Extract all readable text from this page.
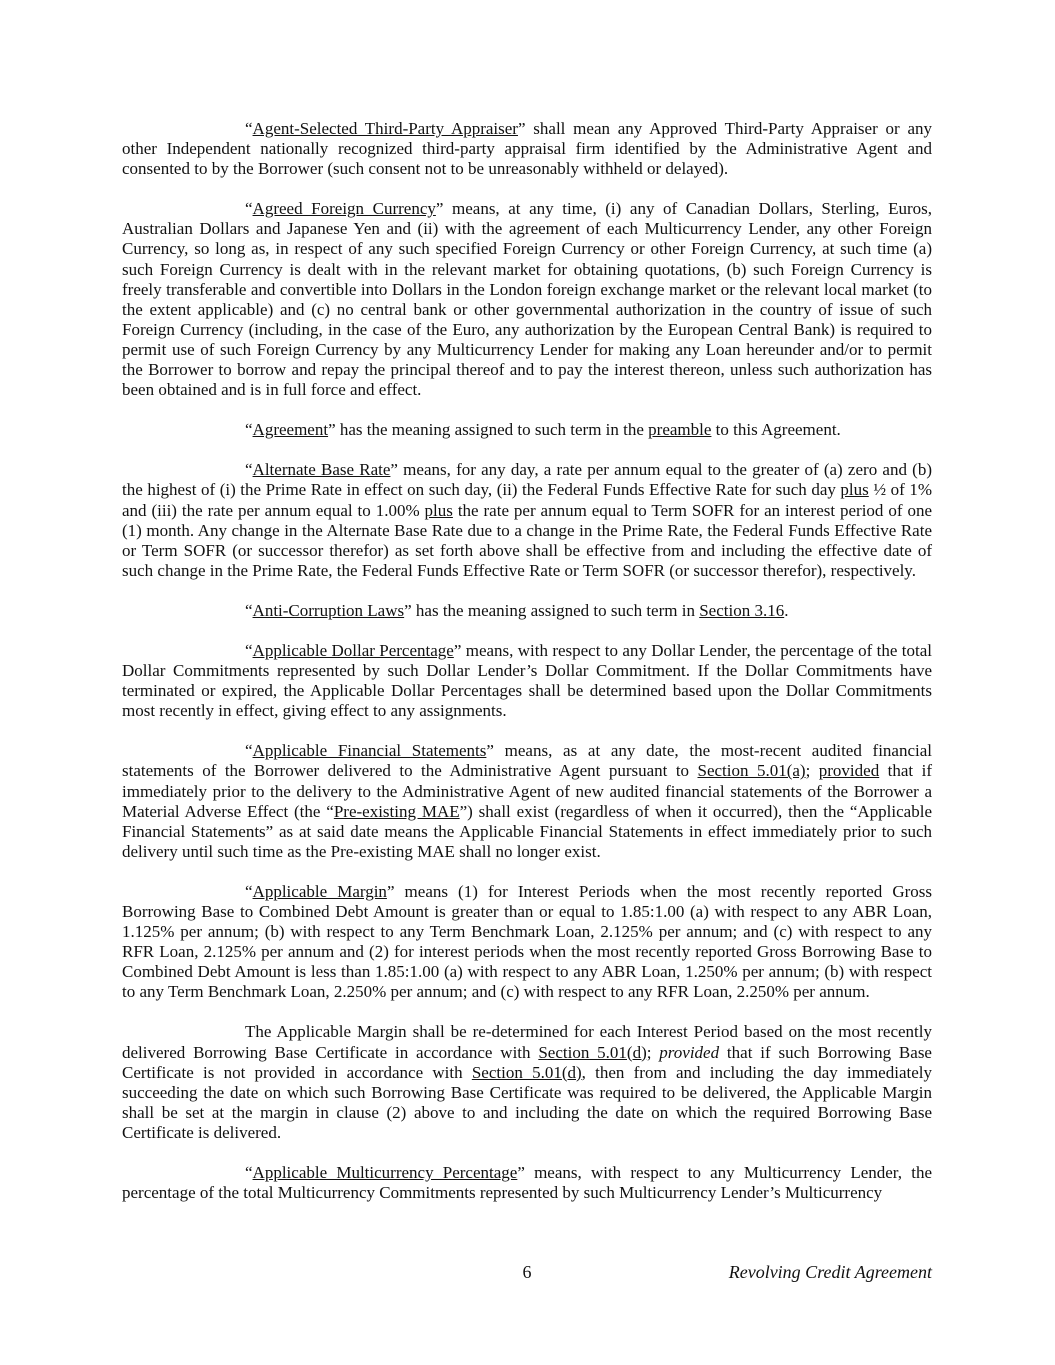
“Agent-Selected Third-Party Appraiser” shall mean any Approved Third-Party Appraiser or any other Independent nationally recognized third-party appraisal firm identified by the Administrative Agent and consented to by the Borrower (such consent not to be unreasonably withheld or delayed).

“Agreed Foreign Currency” means, at any time, (i) any of Canadian Dollars, Sterling, Euros, Australian Dollars and Japanese Yen and (ii) with the agreement of each Multicurrency Lender, any other Foreign Currency, so long as, in respect of any such specified Foreign Currency or other Foreign Currency, at such time (a) such Foreign Currency is dealt with in the relevant market for obtaining quotations, (b) such Foreign Currency is freely transferable and convertible into Dollars in the London foreign exchange market or the relevant local market (to the extent applicable) and (c) no central bank or other governmental authorization in the country of issue of such Foreign Currency (including, in the case of the Euro, any authorization by the European Central Bank) is required to permit use of such Foreign Currency by any Multicurrency Lender for making any Loan hereunder and/or to permit the Borrower to borrow and repay the principal thereof and to pay the interest thereon, unless such authorization has been obtained and is in full force and effect.

“Agreement” has the meaning assigned to such term in the preamble to this Agreement.

“Alternate Base Rate” means, for any day, a rate per annum equal to the greater of (a) zero and (b) the highest of (i) the Prime Rate in effect on such day, (ii) the Federal Funds Effective Rate for such day plus ½ of 1% and (iii) the rate per annum equal to 1.00% plus the rate per annum equal to Term SOFR for an interest period of one (1) month. Any change in the Alternate Base Rate due to a change in the Prime Rate, the Federal Funds Effective Rate or Term SOFR (or successor therefor) as set forth above shall be effective from and including the effective date of such change in the Prime Rate, the Federal Funds Effective Rate or Term SOFR (or successor therefor), respectively.

“Anti-Corruption Laws” has the meaning assigned to such term in Section 3.16.

“Applicable Dollar Percentage” means, with respect to any Dollar Lender, the percentage of the total Dollar Commitments represented by such Dollar Lender’s Dollar Commitment. If the Dollar Commitments have terminated or expired, the Applicable Dollar Percentages shall be determined based upon the Dollar Commitments most recently in effect, giving effect to any assignments.

“Applicable Financial Statements” means, as at any date, the most-recent audited financial statements of the Borrower delivered to the Administrative Agent pursuant to Section 5.01(a); provided that if immediately prior to the delivery to the Administrative Agent of new audited financial statements of the Borrower a Material Adverse Effect (the “Pre-existing MAE”) shall exist (regardless of when it occurred), then the “Applicable Financial Statements” as at said date means the Applicable Financial Statements in effect immediately prior to such delivery until such time as the Pre-existing MAE shall no longer exist.

“Applicable Margin” means (1) for Interest Periods when the most recently reported Gross Borrowing Base to Combined Debt Amount is greater than or equal to 1.85:1.00 (a) with respect to any ABR Loan, 1.125% per annum; (b) with respect to any Term Benchmark Loan, 2.125% per annum; and (c) with respect to any RFR Loan, 2.125% per annum and (2) for interest periods when the most recently reported Gross Borrowing Base to Combined Debt Amount is less than 1.85:1.00 (a) with respect to any ABR Loan, 1.250% per annum; (b) with respect to any Term Benchmark Loan, 2.250% per annum; and (c) with respect to any RFR Loan, 2.250% per annum.

The Applicable Margin shall be re-determined for each Interest Period based on the most recently delivered Borrowing Base Certificate in accordance with Section 5.01(d); provided that if such Borrowing Base Certificate is not provided in accordance with Section 5.01(d), then from and including the day immediately succeeding the date on which such Borrowing Base Certificate was required to be delivered, the Applicable Margin shall be set at the margin in clause (2) above to and including the date on which the required Borrowing Base Certificate is delivered.

“Applicable Multicurrency Percentage” means, with respect to any Multicurrency Lender, the percentage of the total Multicurrency Commitments represented by such Multicurrency Lender’s Multicurrency

6	Revolving Credit Agreement
